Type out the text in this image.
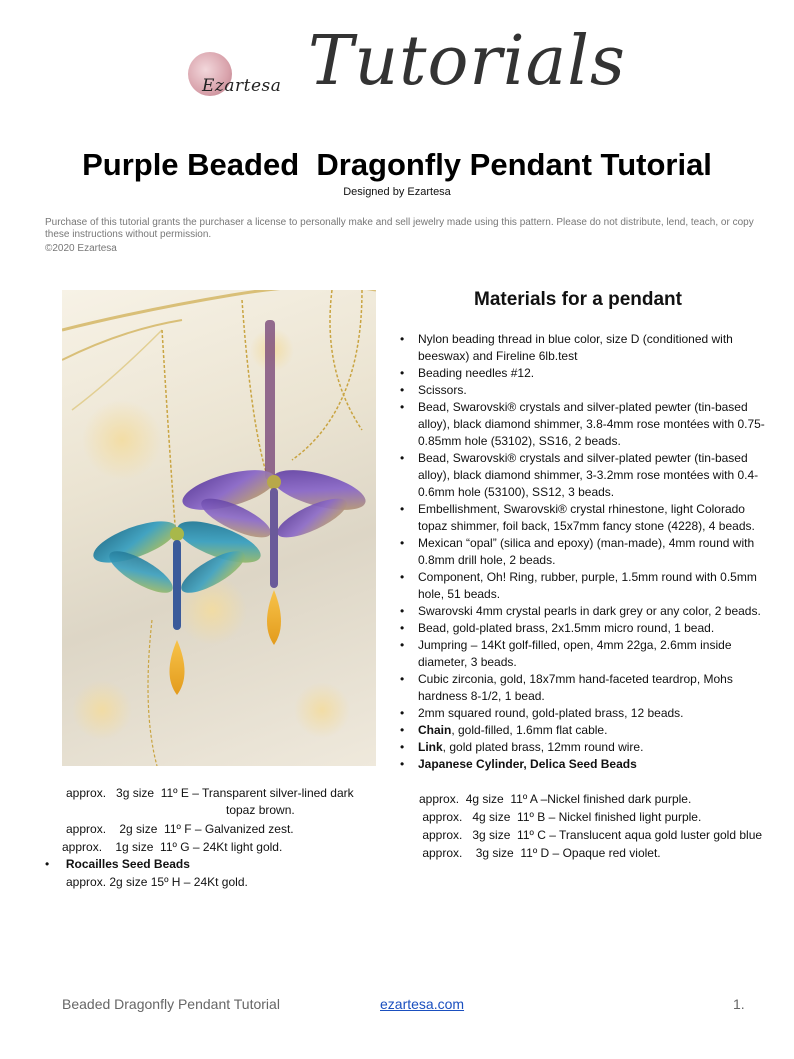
Ezartesa Tutorials
Purple Beaded  Dragonfly Pendant Tutorial
Designed by Ezartesa
Purchase of this tutorial grants the purchaser a license to personally make and sell jewelry made using this pattern. Please do not distribute, lend, teach, or copy these instructions without permission.
©2020 Ezartesa
Materials for a pendant
• Nylon beading thread in blue color, size D (conditioned with beeswax) and Fireline 6lb.test
• Beading needles #12.
• Scissors.
• Bead, Swarovski® crystals and silver-plated pewter (tin-based alloy), black diamond shimmer, 3.8-4mm rose montées with 0.75-0.85mm hole (53102), SS16, 2 beads.
• Bead, Swarovski® crystals and silver-plated pewter (tin-based alloy), black diamond shimmer, 3-3.2mm rose montées with 0.4-0.6mm hole (53100), SS12, 3 beads.
• Embellishment, Swarovski® crystal rhinestone, light Colorado topaz shimmer, foil back, 15x7mm fancy stone (4228), 4 beads.
• Mexican “opal” (silica and epoxy) (man-made), 4mm round with 0.8mm drill hole, 2 beads.
• Component, Oh! Ring, rubber, purple, 1.5mm round with 0.5mm hole, 51 beads.
• Swarovski 4mm crystal pearls in dark grey or any color, 2 beads.
• Bead, gold-plated brass, 2x1.5mm micro round, 1 bead.
• Jumpring – 14Kt golf-filled, open, 4mm 22ga, 2.6mm inside diameter, 3 beads.
• Cubic zirconia, gold, 18x7mm hand-faceted teardrop, Mohs hardness 8-1/2, 1 bead.
• 2mm squared round, gold-plated brass, 12 beads.
• Chain, gold-filled, 1.6mm flat cable.
• Link, gold plated brass, 12mm round wire.
• Japanese Cylinder, Delica Seed Beads
approx.  4g size  11º A –Nickel finished dark purple.
approx.   4g size  11º B – Nickel finished light purple.
approx.   3g size  11º C – Translucent aqua gold luster gold blue
approx.    3g size  11º D – Opaque red violet.
approx.   3g size  11º E – Transparent silver-lined dark
topaz brown.
approx.    2g size  11º F – Galvanized zest.
approx.    1g size  11º G – 24Kt light gold.
•     Rocailles Seed Beads
approx. 2g size 15º H – 24Kt gold.
Beaded Dragonfly Pendant Tutorial	ezartesa.com	1.
